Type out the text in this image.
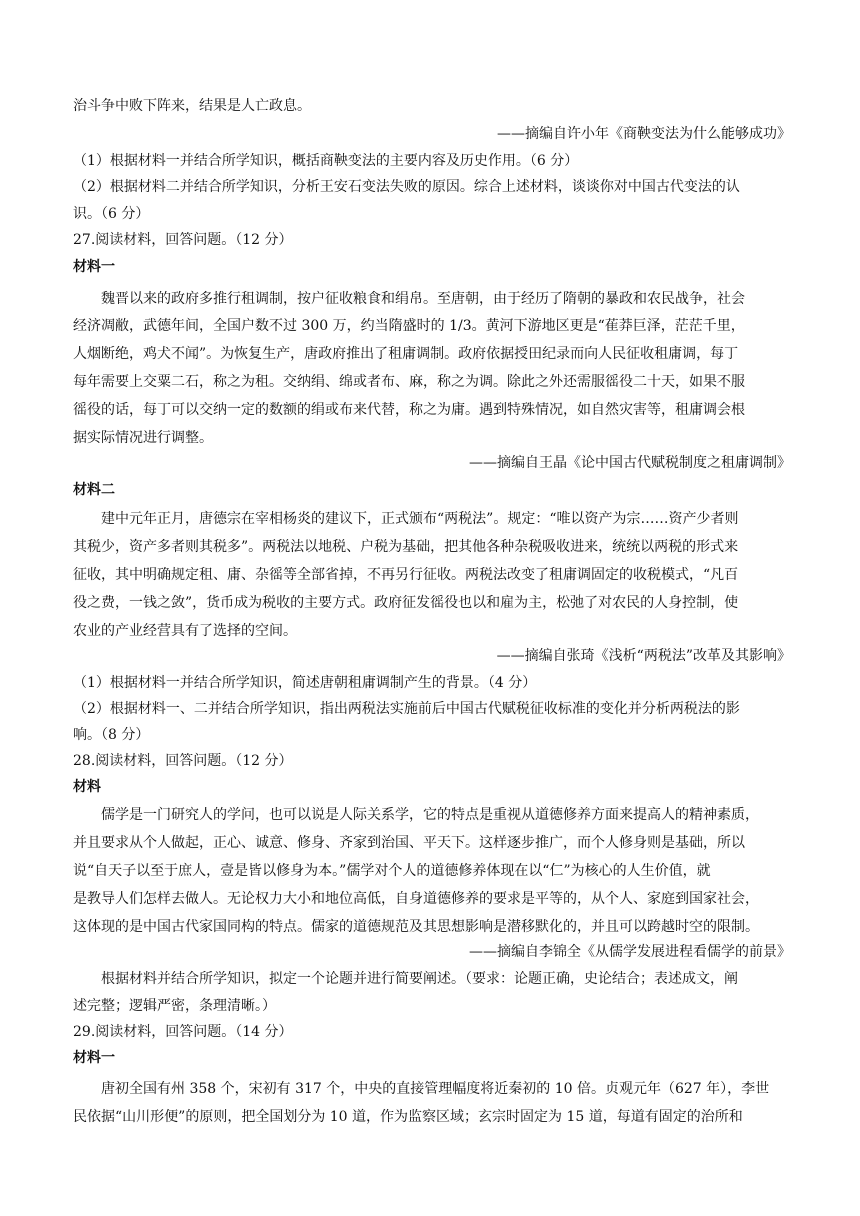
治斗争中败下阵来，结果是人亡政息。
——摘编自许小年《商鞅变法为什么能够成功》
（1）根据材料一并结合所学知识，概括商鞅变法的主要内容及历史作用。（6 分）
（2）根据材料二并结合所学知识，分析王安石变法失败的原因。综合上述材料，谈谈你对中国古代变法的认
识。（6 分）
27.阅读材料，回答问题。（12 分）
材料一
魏晋以来的政府多推行租调制，按户征收粮食和绢帛。至唐朝，由于经历了隋朝的暴政和农民战争，社会
经济凋敝，武德年间，全国户数不过 300 万，约当隋盛时的 1/3。黄河下游地区更是“萑莽巨泽，茫茫千里，
人烟断绝，鸡犬不闻”。为恢复生产，唐政府推出了租庸调制。政府依据授田纪录而向人民征收租庸调，每丁
每年需要上交粟二石，称之为租。交纳绢、绵或者布、麻，称之为调。除此之外还需服徭役二十天，如果不服
徭役的话，每丁可以交纳一定的数额的绢或布来代替，称之为庸。遇到特殊情况，如自然灾害等，租庸调会根
据实际情况进行调整。
——摘编自王晶《论中国古代赋税制度之租庸调制》
材料二
建中元年正月，唐德宗在宰相杨炎的建议下，正式颁布“两税法”。规定：“唯以资产为宗……资产少者则
其税少，资产多者则其税多”。两税法以地税、户税为基础，把其他各种杂税吸收进来，统统以两税的形式来
征收，其中明确规定租、庸、杂徭等全部省掉，不再另行征收。两税法改变了租庸调固定的收税模式，“凡百
役之费，一钱之敛”，货币成为税收的主要方式。政府征发徭役也以和雇为主，松弛了对农民的人身控制，使
农业的产业经营具有了选择的空间。
——摘编自张琦《浅析“两税法”改革及其影响》
（1）根据材料一并结合所学知识，简述唐朝租庸调制产生的背景。（4 分）
（2）根据材料一、二并结合所学知识，指出两税法实施前后中国古代赋税征收标准的变化并分析两税法的影
响。（8 分）
28.阅读材料，回答问题。（12 分）
材料
儒学是一门研究人的学问，也可以说是人际关系学，它的特点是重视从道德修养方面来提高人的精神素质，
并且要求从个人做起，正心、诚意、修身、齐家到治国、平天下。这样逐步推广，而个人修身则是基础，所以
说“自天子以至于庶人，壹是皆以修身为本。”儒学对个人的道德修养体现在以“仁”为核心的人生价值，就
是教导人们怎样去做人。无论权力大小和地位高低，自身道德修养的要求是平等的，从个人、家庭到国家社会，
这体现的是中国古代家国同构的特点。儒家的道德规范及其思想影响是潜移默化的，并且可以跨越时空的限制。
——摘编自李锦全《从儒学发展进程看儒学的前景》
根据材料并结合所学知识，拟定一个论题并进行简要阐述。（要求：论题正确，史论结合；表述成文，阐
述完整；逻辑严密，条理清晰。）
29.阅读材料，回答问题。（14 分）
材料一
唐初全国有州 358 个，宋初有 317 个，中央的直接管理幅度将近秦初的 10 倍。贞观元年（627 年），李世
民依据“山川形便”的原则，把全国划分为 10 道，作为监察区域；玄宗时固定为 15 道，每道有固定的治所和
